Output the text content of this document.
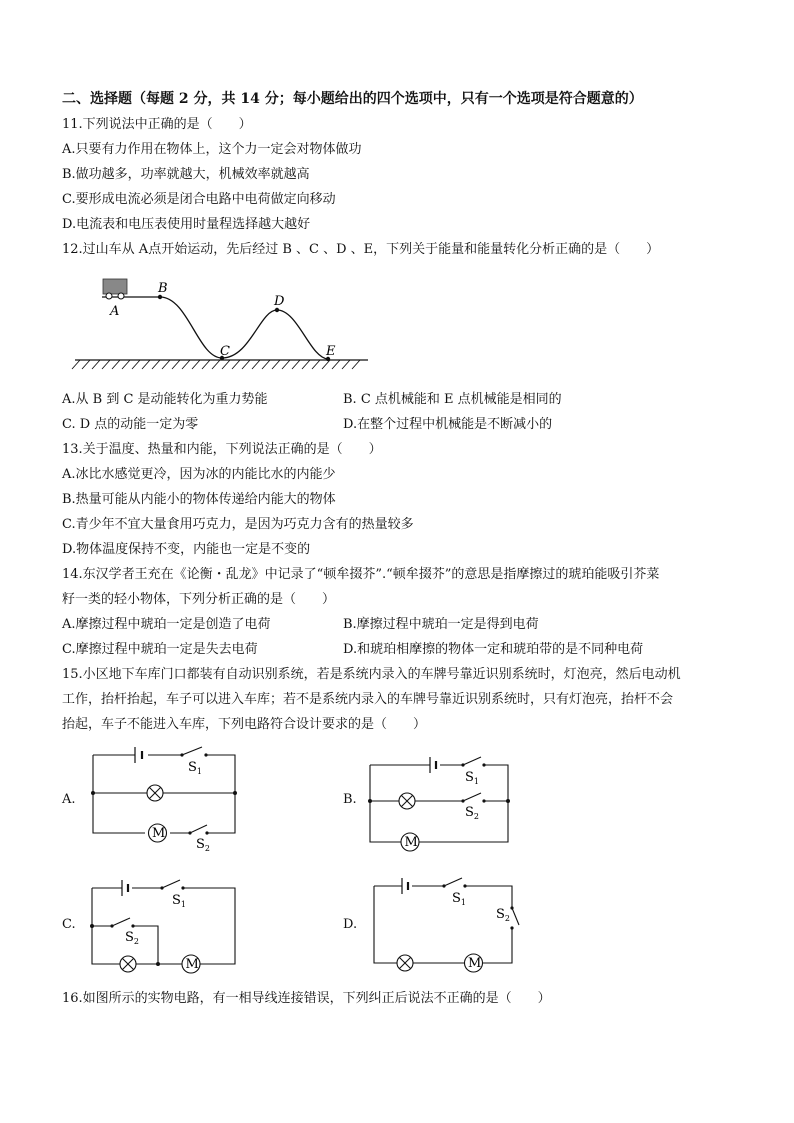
二、选择题（每题 2 分，共 14 分；每小题给出的四个选项中，只有一个选项是符合题意的）
11.下列说法中正确的是（　　）
A.只要有力作用在物体上，这个力一定会对物体做功
B.做功越多，功率就越大，机械效率就越高
C.要形成电流必须是闭合电路中电荷做定向移动
D.电流表和电压表使用时量程选择越大越好
12.过山车从 A点开始运动，先后经过 B 、C 、D 、E，下列关于能量和能量转化分析正确的是（　　）
A
B
C
D
E
A.从 B 到 C 是动能转化为重力势能	B. C 点机械能和 E 点机械能是相同的
C. D 点的动能一定为零	D.在整个过程中机械能是不断减小的
13.关于温度、热量和内能，下列说法正确的是（　　）
A.冰比水感觉更冷，因为冰的内能比水的内能少
B.热量可能从内能小的物体传递给内能大的物体
C.青少年不宜大量食用巧克力，是因为巧克力含有的热量较多
D.物体温度保持不变，内能也一定是不变的
14.东汉学者王充在《论衡・乱龙》中记录了“顿牟掇芥”.“顿牟掇芥”的意思是指摩擦过的琥珀能吸引芥菜
籽一类的轻小物体，下列分析正确的是（　　）
A.摩擦过程中琥珀一定是创造了电荷	B.摩擦过程中琥珀一定是得到电荷
C.摩擦过程中琥珀一定是失去电荷	D.和琥珀相摩擦的物体一定和琥珀带的是不同种电荷
15.小区地下车库门口都装有自动识别系统，若是系统内录入的车牌号靠近识别系统时，灯泡亮，然后电动机
工作，抬杆抬起，车子可以进入车库；若不是系统内录入的车牌号靠近识别系统时，只有灯泡亮，抬杆不会
抬起，车子不能进入车库，下列电路符合设计要求的是（　　）
A.	B.
C.	D.
M
$S_1$
$S_2$	M
$S_1$
$S_2$
M
$S_1$
$S_2$
M
$S_1$
$S_2$
16.如图所示的实物电路，有一相导线连接错误，下列纠正后说法不正确的是（　　）
